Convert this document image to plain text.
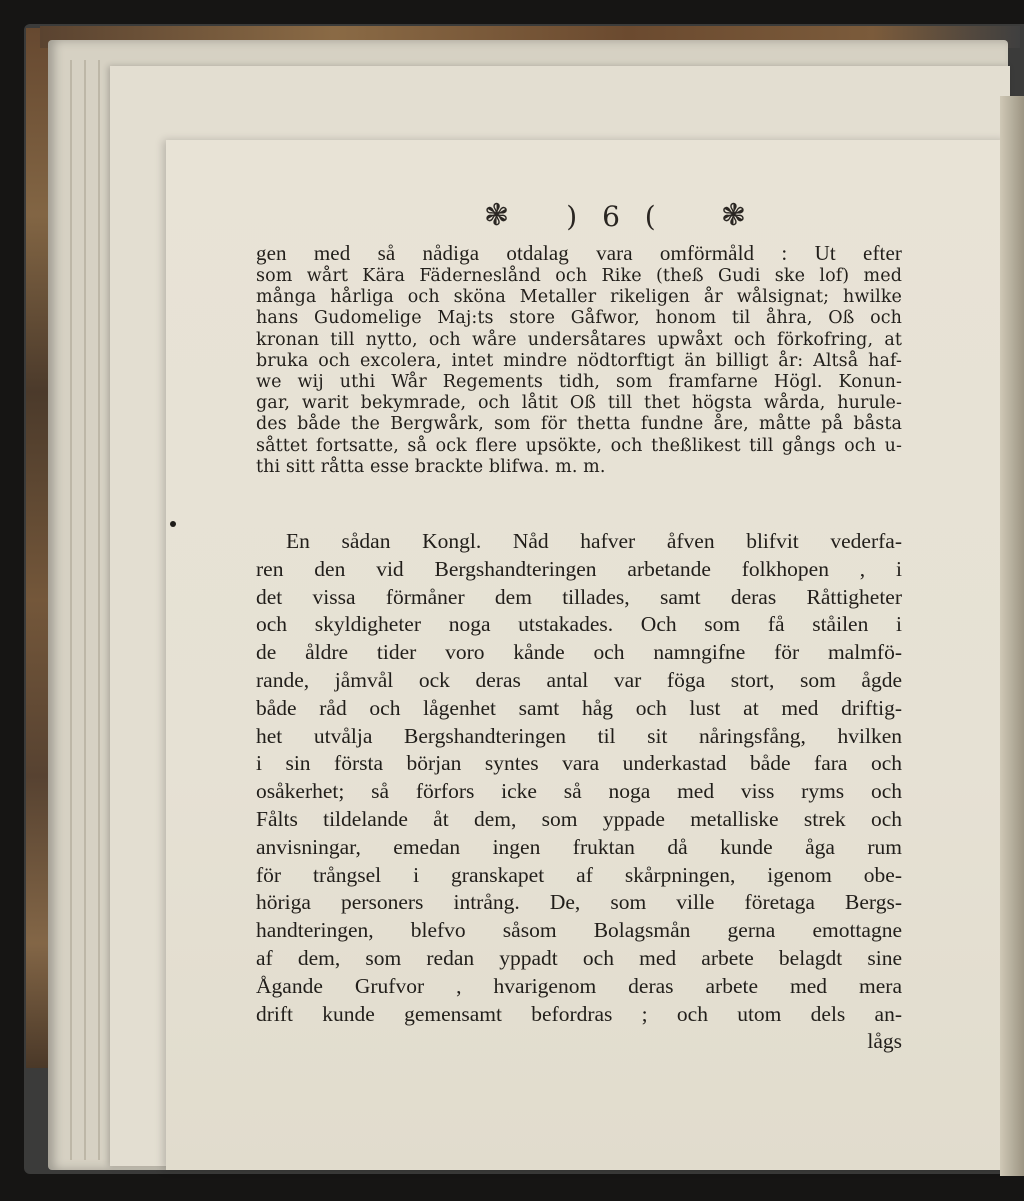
❃ ) 6 ( ❃
gen med så nådiga otdalag vara omförmåld : Ut efter
som wårt Kära Fäderneslånd och Rike (theß Gudi ske lof) med
många hårliga och sköna Metaller rikeligen år wålsignat; hwilke
hans Gudomelige Maj:ts store Gåfwor, honom til åhra, Oß och
kronan till nytto, och wåre undersåtares upwåxt och förkofring, at
bruka och excolera, intet mindre nödtorftigt än billigt år: Altså haf-
we wij uthi Wår Regements tidh, som framfarne Högl. Konun-
gar, warit bekymrade, och låtit Oß till thet högsta wårda, hurule-
des både the Bergwårk, som för thetta fundne åre, måtte på båsta
såttet fortsatte, så ock flere upsökte, och theßlikest till gångs och u-
thi sitt råtta esse brackte blifwa. m. m.
En sådan Kongl. Nåd hafver åfven blifvit vederfa-
ren den vid Bergshandteringen arbetande folkhopen , i
det vissa förmåner dem tillades, samt deras Råttigheter
och skyldigheter noga utstakades. Och som få ståilen i
de åldre tider voro kånde och namngifne för malmfö-
rande, jåmvål ock deras antal var föga stort, som ågde
både råd och lågenhet samt håg och lust at med driftig-
het utvålja Bergshandteringen til sit nåringsfång, hvilken
i sin första början syntes vara underkastad både fara och
osåkerhet; så förfors icke så noga med viss ryms och
Fålts tildelande åt dem, som yppade metalliske strek och
anvisningar, emedan ingen fruktan då kunde åga rum
för trångsel i granskapet af skårpningen, igenom obe-
höriga personers intrång. De, som ville företaga Bergs-
handteringen, blefvo såsom Bolagsmån gerna emottagne
af dem, som redan yppadt och med arbete belagdt sine
Ågande Grufvor , hvarigenom deras arbete med mera
drift kunde gemensamt befordras ; och utom dels an-
lågs
